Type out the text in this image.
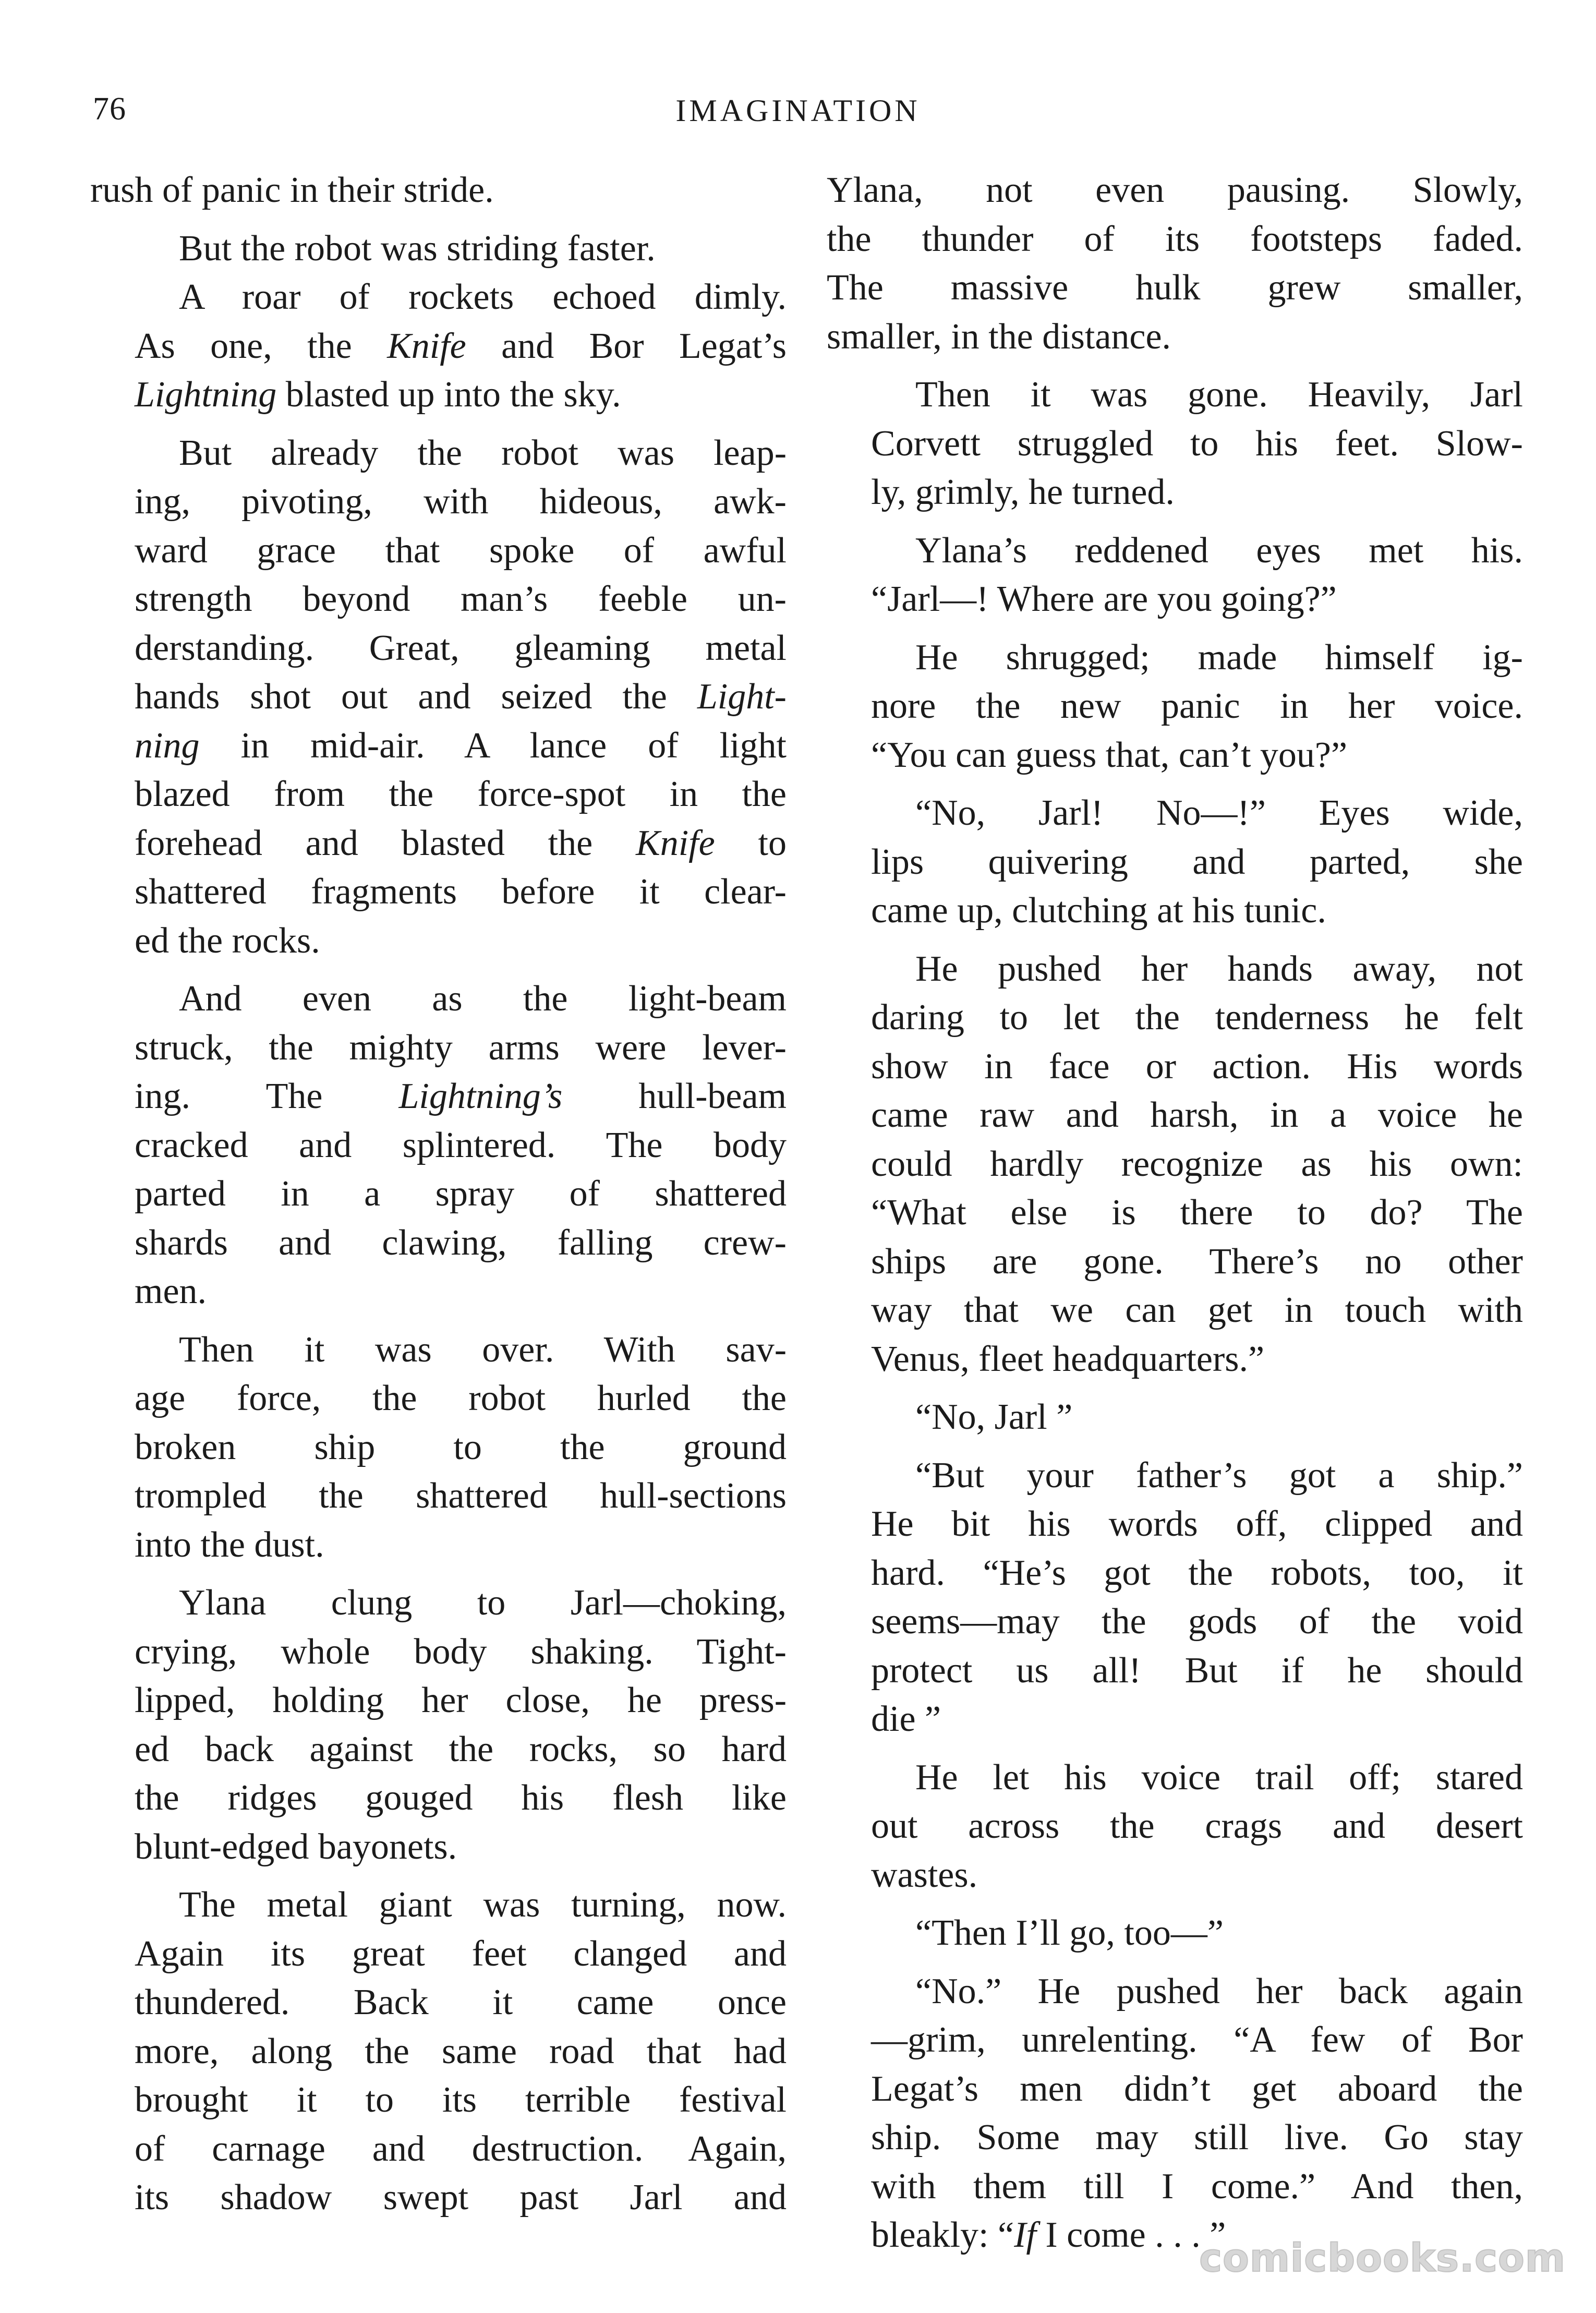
76	IMAGINATION
rush of panic in their stride.
But the robot was striding faster.
A roar of rockets echoed dimly.
As one, the Knife and Bor Legat’s
Lightning blasted up into the sky.
But already the robot was leap-
ing, pivoting, with hideous, awk-
ward grace that spoke of awful
strength beyond man’s feeble un-
derstanding. Great, gleaming metal
hands shot out and seized the Light-
ning in mid-air. A lance of light
blazed from the force-spot in the
forehead and blasted the Knife to
shattered fragments before it clear-
ed the rocks.
And even as the light-beam
struck, the mighty arms were lever-
ing. The Lightning’s hull-beam
cracked and splintered. The body
parted in a spray of shattered
shards and clawing, falling crew-
men.
Then it was over. With sav-
age force, the robot hurled the
broken ship to the ground
trompled the shattered hull-sections
into the dust.
Ylana clung to Jarl—choking,
crying, whole body shaking. Tight-
lipped, holding her close, he press-
ed back against the rocks, so hard
the ridges gouged his flesh like
blunt-edged bayonets.
The metal giant was turning, now.
Again its great feet clanged and
thundered. Back it came once
more, along the same road that had
brought it to its terrible festival
of carnage and destruction. Again,
its shadow swept past Jarl and
Ylana, not even pausing. Slowly,
the thunder of its footsteps faded.
The massive hulk grew smaller,
smaller, in the distance.
Then it was gone. Heavily, Jarl
Corvett struggled to his feet. Slow-
ly, grimly, he turned.
Ylana’s reddened eyes met his.
“Jarl—! Where are you going?”
He shrugged; made himself ig-
nore the new panic in her voice.
“You can guess that, can’t you?”
“No, Jarl! No—!” Eyes wide,
lips quivering and parted, she
came up, clutching at his tunic.
He pushed her hands away, not
daring to let the tenderness he felt
show in face or action. His words
came raw and harsh, in a voice he
could hardly recognize as his own:
“What else is there to do? The
ships are gone. There’s no other
way that we can get in touch with
Venus, fleet headquarters.”
“No, Jarl ”
“But your father’s got a ship.”
He bit his words off, clipped and
hard. “He’s got the robots, too, it
seems—may the gods of the void
protect us all! But if he should
die ”
He let his voice trail off; stared
out across the crags and desert
wastes.
“Then I’ll go, too—”
“No.” He pushed her back again
—grim, unrelenting. “A few of Bor
Legat’s men didn’t get aboard the
ship. Some may still live. Go stay
with them till I come.” And then,
bleakly: “If I come . . . ”
comicbooks.com
